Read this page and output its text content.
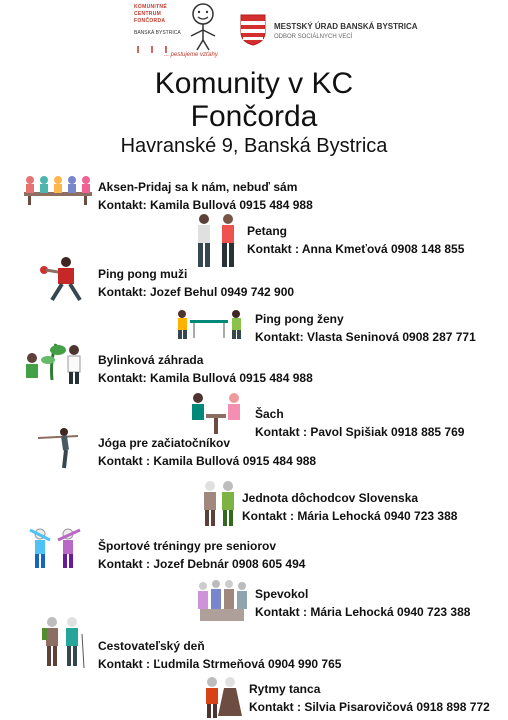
KOMUNITNÉ
CENTRUM
FONČORDA
BANSKÁ BYSTRICA
... pestujeme vzťahy
MESTSKÝ ÚRAD BANSKÁ BYSTRICA
ODBOR SOCIÁLNYCH VECÍ
Komunity v KC
Fončorda
Havranské 9, Banská Bystrica
Aksen-Pridaj sa k nám, nebuď sám
Kontakt: Kamila Bullová 0915 484 988
Petang
Kontakt : Anna Kmeťová 0908 148 855
Ping pong muži
Kontakt: Jozef Behul 0949 742 900
Ping pong ženy
Kontakt: Vlasta Seninová 0908 287 771
Bylinková záhrada
Kontakt: Kamila Bullová 0915 484 988
Šach
Kontakt : Pavol Spišiak 0918 885 769
Jóga pre začiatočníkov
Kontakt : Kamila Bullová 0915 484 988
Jednota dôchodcov Slovenska
Kontakt : Mária Lehocká 0940 723 388
Športové tréningy pre seniorov
Kontakt : Jozef Debnár 0908 605 494
Spevokol
Kontakt : Mária Lehocká 0940 723 388
Cestovateľský deň
Kontakt : Ľudmila Strmeňová 0904 990 765
Rytmy tanca
Kontakt : Silvia Pisarovičová 0918 898 772
